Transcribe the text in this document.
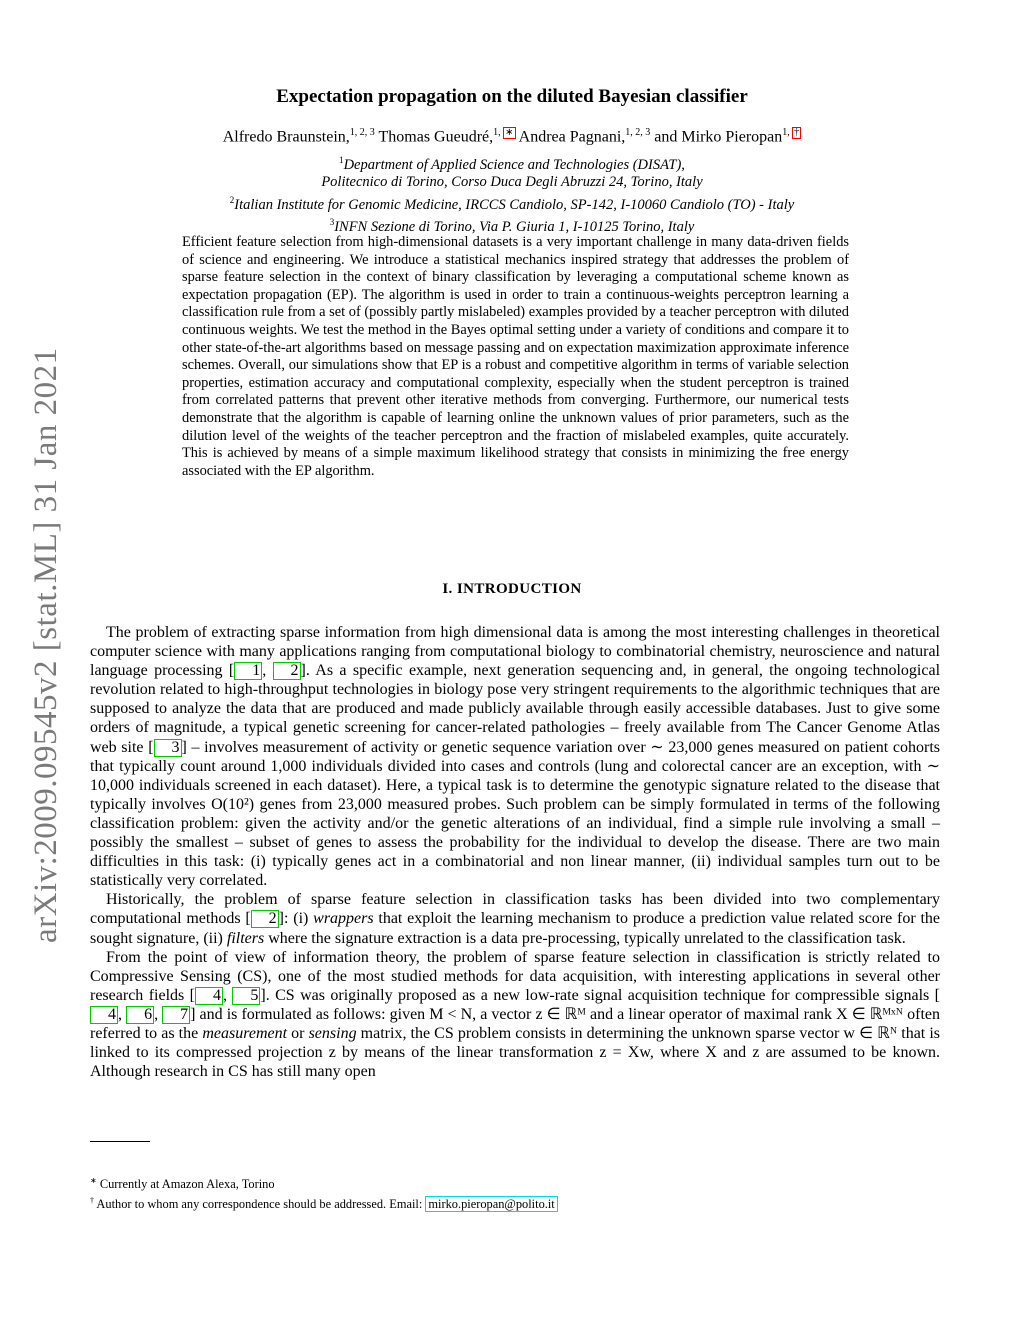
arXiv:2009.09545v2 [stat.ML] 31 Jan 2021
Expectation propagation on the diluted Bayesian classifier
Alfredo Braunstein,$^{1, 2, 3}$ Thomas Gueudré,$^{1, ∗}$ Andrea Pagnani,$^{1, 2, 3}$ and Mirko Pieropan$^{1, \dagger}$
$^1$Department of Applied Science and Technologies (DISAT),
Politecnico di Torino, Corso Duca Degli Abruzzi 24, Torino, Italy
$^2$Italian Institute for Genomic Medicine, IRCCS Candiolo, SP-142, I-10060 Candiolo (TO) - Italy
$^3$INFN Sezione di Torino, Via P. Giuria 1, I-10125 Torino, Italy
Efficient feature selection from high-dimensional datasets is a very important challenge in many data-driven fields of science and engineering. We introduce a statistical mechanics inspired strategy that addresses the problem of sparse feature selection in the context of binary classification by leveraging a computational scheme known as expectation propagation (EP). The algorithm is used in order to train a continuous-weights perceptron learning a classification rule from a set of (possibly partly mislabeled) examples provided by a teacher perceptron with diluted continuous weights. We test the method in the Bayes optimal setting under a variety of conditions and compare it to other state-of-the-art algorithms based on message passing and on expectation maximization approximate inference schemes. Overall, our simulations show that EP is a robust and competitive algorithm in terms of variable selection properties, estimation accuracy and computational complexity, especially when the student perceptron is trained from correlated patterns that prevent other iterative methods from converging. Furthermore, our numerical tests demonstrate that the algorithm is capable of learning online the unknown values of prior parameters, such as the dilution level of the weights of the teacher perceptron and the fraction of mislabeled examples, quite accurately. This is achieved by means of a simple maximum likelihood strategy that consists in minimizing the free energy associated with the EP algorithm.
I. INTRODUCTION

The problem of extracting sparse information from high dimensional data is among the most interesting challenges in theoretical computer science with many applications ranging from computational biology to combinatorial chemistry, neuroscience and natural language processing [ 1 , 2 ]. As a specific example, next generation sequencing and, in general, the ongoing technological revolution related to high-throughput technologies in biology pose very stringent requirements to the algorithmic techniques that are supposed to analyze the data that are produced and made publicly available through easily accessible databases. Just to give some orders of magnitude, a typical genetic screening for cancer-related pathologies – freely available from The Cancer Genome Atlas web site [ 3 ] – involves measurement of activity or genetic sequence variation over ∼ 23,000 genes measured on patient cohorts that typically count around 1,000 individuals divided into cases and controls (lung and colorectal cancer are an exception, with ∼ 10,000 individuals screened in each dataset). Here, a typical task is to determine the genotypic signature related to the disease that typically involves O(10²) genes from 23,000 measured probes. Such problem can be simply formulated in terms of the following classification problem: given the activity and/or the genetic alterations of an individual, find a simple rule involving a small – possibly the smallest – subset of genes to assess the probability for the individual to develop the disease. There are two main difficulties in this task: (i) typically genes act in a combinatorial and non linear manner, (ii) individual samples turn out to be statistically very correlated.

Historically, the problem of sparse feature selection in classification tasks has been divided into two complementary computational methods [ 2 ]: (i) wrappers that exploit the learning mechanism to produce a prediction value related score for the sought signature, (ii) filters where the signature extraction is a data pre-processing, typically unrelated to the classification task.

From the point of view of information theory, the problem of sparse feature selection in classification is strictly related to Compressive Sensing (CS), one of the most studied methods for data acquisition, with interesting applications in several other research fields [ 4 , 5 ]. CS was originally proposed as a new low-rate signal acquisition technique for compressible signals [4 , 6 , 7 ] and is formulated as follows: given M < N, a vector z ∈ ℝᴹ and a linear operator of maximal rank X ∈ ℝᴹˣᴺ often referred to as the measurement or sensing matrix, the CS problem consists in determining the unknown sparse vector w ∈ ℝᴺ that is linked to its compressed projection z by means of the linear transformation z = Xw, where X and z are assumed to be known. Although research in CS has still many open

∗ Currently at Amazon Alexa, Torino
† Author to whom any correspondence should be addressed. Email: mirko.pieropan@polito.it
